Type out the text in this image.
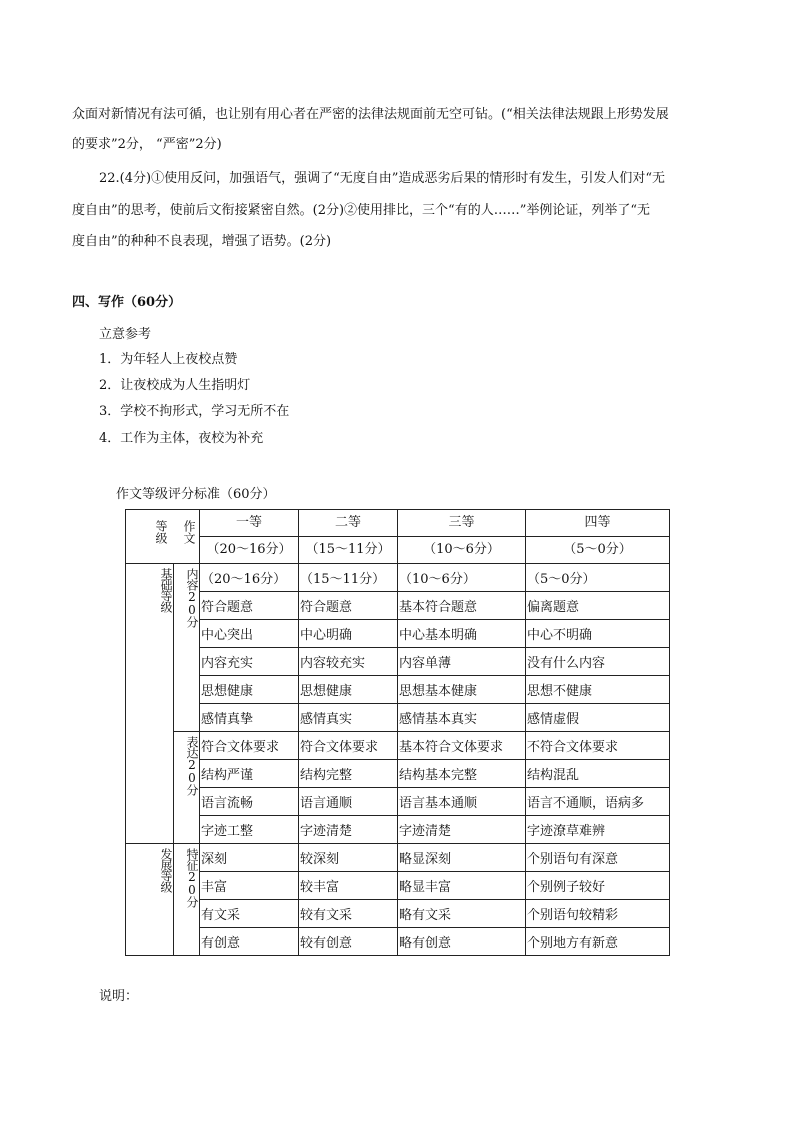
众面对新情况有法可循，也让别有用心者在严密的法律法规面前无空可钻。(“相关法律法规跟上形势发展
的要求”2分， “严密”2分)
22.(4分)①使用反问，加强语气，强调了“无度自由”造成恶劣后果的情形时有发生，引发人们对“无
度自由”的思考，使前后文衔接紧密自然。(2分)②使用排比，三个“有的人……”举例论证，列举了“无
度自由”的种种不良表现，增强了语势。(2分)
四、写作（60分）
立意参考
1．为年轻人上夜校点赞
2．让夜校成为人生指明灯
3．学校不拘形式，学习无所不在
4．工作为主体，夜校为补充
作文等级评分标准（60分）
等级 作文		一等	二等	三等	四等
		（20～16分）	（15～11分）	（10～6分）	（5～0分）
基础等级	内容20分	（20～16分）	（15～11分）	（10～6分）	（5～0分）
		符合题意	符合题意	基本符合题意	偏离题意
		中心突出	中心明确	中心基本明确	中心不明确
		内容充实	内容较充实	内容单薄	没有什么内容
		思想健康	思想健康	思想基本健康	思想不健康
		感情真挚	感情真实	感情基本真实	感情虚假
	表达20分	符合文体要求	符合文体要求	基本符合文体要求	不符合文体要求
		结构严谨	结构完整	结构基本完整	结构混乱
		语言流畅	语言通顺	语言基本通顺	语言不通顺，语病多
		字迹工整	字迹清楚	字迹清楚	字迹潦草难辨
发展等级	特征20分	深刻	较深刻	略显深刻	个别语句有深意
		丰富	较丰富	略显丰富	个别例子较好
		有文采	较有文采	略有文采	个别语句较精彩
		有创意	较有创意	略有创意	个别地方有新意
说明：
